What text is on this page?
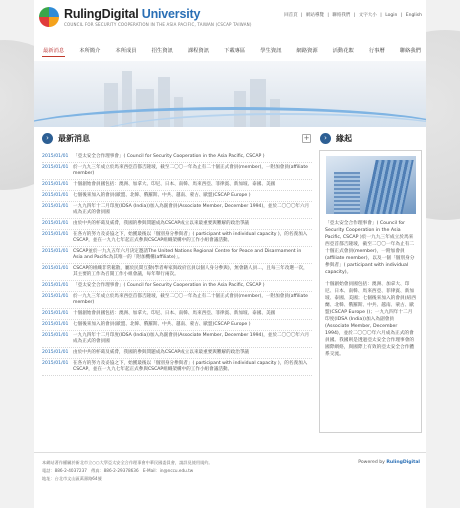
RulingDigital University
COUNCIL FOR SECURITY COOPERATION IN THE ASIA PACIFIC, TAIWAN (CSCAP TAIWAN)
回首頁 | 網站導覽 | 聯絡我們 | 文字大小 | Login | English
最新消息	本所簡介	本所成員	招生資訊	課程資訊	下載專區	學生資訊	網路資源	活動花絮	行事曆	聯絡我們
›	最新消息	+	›	緣起
2015/01/01 「亞太安全合作理事會」( Council for Security Cooperation in the Asia Pacific, CSCAP )
2015/01/01 於一九九三年成立於馬來西亞首都吉隆坡，截至二〇〇一年為止有二十個正式會員(member)，一附加會員(affiliate member)
2015/01/01 十個創始會員國包括：澳洲、加拿大、印尼、日本、南韓、馬來西亞、菲律賓、新加坡、泰國、美國
2015/01/01 七個後來加入的會員(歐盟、北韓、俄羅斯、中共、越南、蒙古、歐盟(CSCAP Europe )
2015/01/01 一九九四年十二月印度(IDSA (India))加入為副會員(Associate Member, December 1994)，並於二〇〇〇年六月成為正式的會員國
2015/01/01 由於中共的杯葛及威脅，我國的參與問題成為CSCAP成立以來最重要與難解的政治爭議
2015/01/01 在各方的努力及妥協之下，始獲最後以「個別身分參與者」( participant with individual capacity )，的名義加入CSCAP，並在一九九七年起正式參與CSCAP組織架構中的工作小組會議活動。
2015/01/01 CSCAP並於一九九五年六月決定邀請The United Nations Regional Centre for Peace and Disarmament in Asia and Pacific為其唯一的「附加機構(affiliate)」。
2015/01/01 CSCAP的組織非常鬆散，屬於民間互動(學者專家與政府官員以個人身分參與)，無會籍人員…，且每三年改選一次，其主要的工作為召開工作小組會議，每年舉行兩次。
2015/01/01 「亞太安全合作理事會」( Council for Security Cooperation in the Asia Pacific, CSCAP )
2015/01/01 於一九九三年成立於馬來西亞首都吉隆坡，截至二〇〇一年為止有二十個正式會員(member)，一附加會員(affiliate member)
2015/01/01 十個創始會員國包括：澳洲、加拿大、印尼、日本、南韓、馬來西亞、菲律賓、新加坡、泰國、美國
2015/01/01 七個後來加入的會員(歐盟、北韓、俄羅斯、中共、越南、蒙古、歐盟(CSCAP Europe )
2015/01/01 一九九四年十二月印度(IDSA (India))加入為副會員(Associate Member, December 1994)，並於二〇〇〇年六月成為正式的會員國
2015/01/01 由於中共的杯葛及威脅，我國的參與問題成為CSCAP成立以來最重要與難解的政治爭議
2015/01/01 在各方的努力及妥協之下，始獲最後以「個別身分參與者」( participant with individual capacity )，的名義加入CSCAP，並在一九九七年起正式參與CSCAP組織架構中的工作小組會議活動。

「亞太安全合作理事會」( Council for Security Cooperation in the Asia Pacific, CSCAP )於一九九三年成立於馬來西亞首都吉隆坡，截至二〇〇一年為止有二十個正式會員(member)，一附加會員(affiliate member)，以及一個「個別身分參與者」( participant with individual capacity)。

十個創始會員國包括：澳洲、加拿大、印尼、日本、南韓、馬來西亞、菲律賓、新加坡、泰國、美國；七個後來加入的會員(紐西蘭、北韓、俄羅斯、中共、越南、蒙古、歐盟(CSCAP Europe ))；一九九四年十二月印度(IDSA (India))加入為副會員(Associate Member, December 1994)，並於二〇〇〇年六月成為正式的會員國。我國則是透過亞太安全合作理事會的國際網絡，與國際上有效的亞太安全合作體系交流。

本網站著作權屬於新北市立○○大學亞太安全合作理事會中華民國委員會，請詳見使用規約。
電話：886-2-4037237　傳真：886-2-29378636　E-Mail：in@nccu.edu.tw
地址：台北市文山區萬壽路64號
Powered by RulingDigital
